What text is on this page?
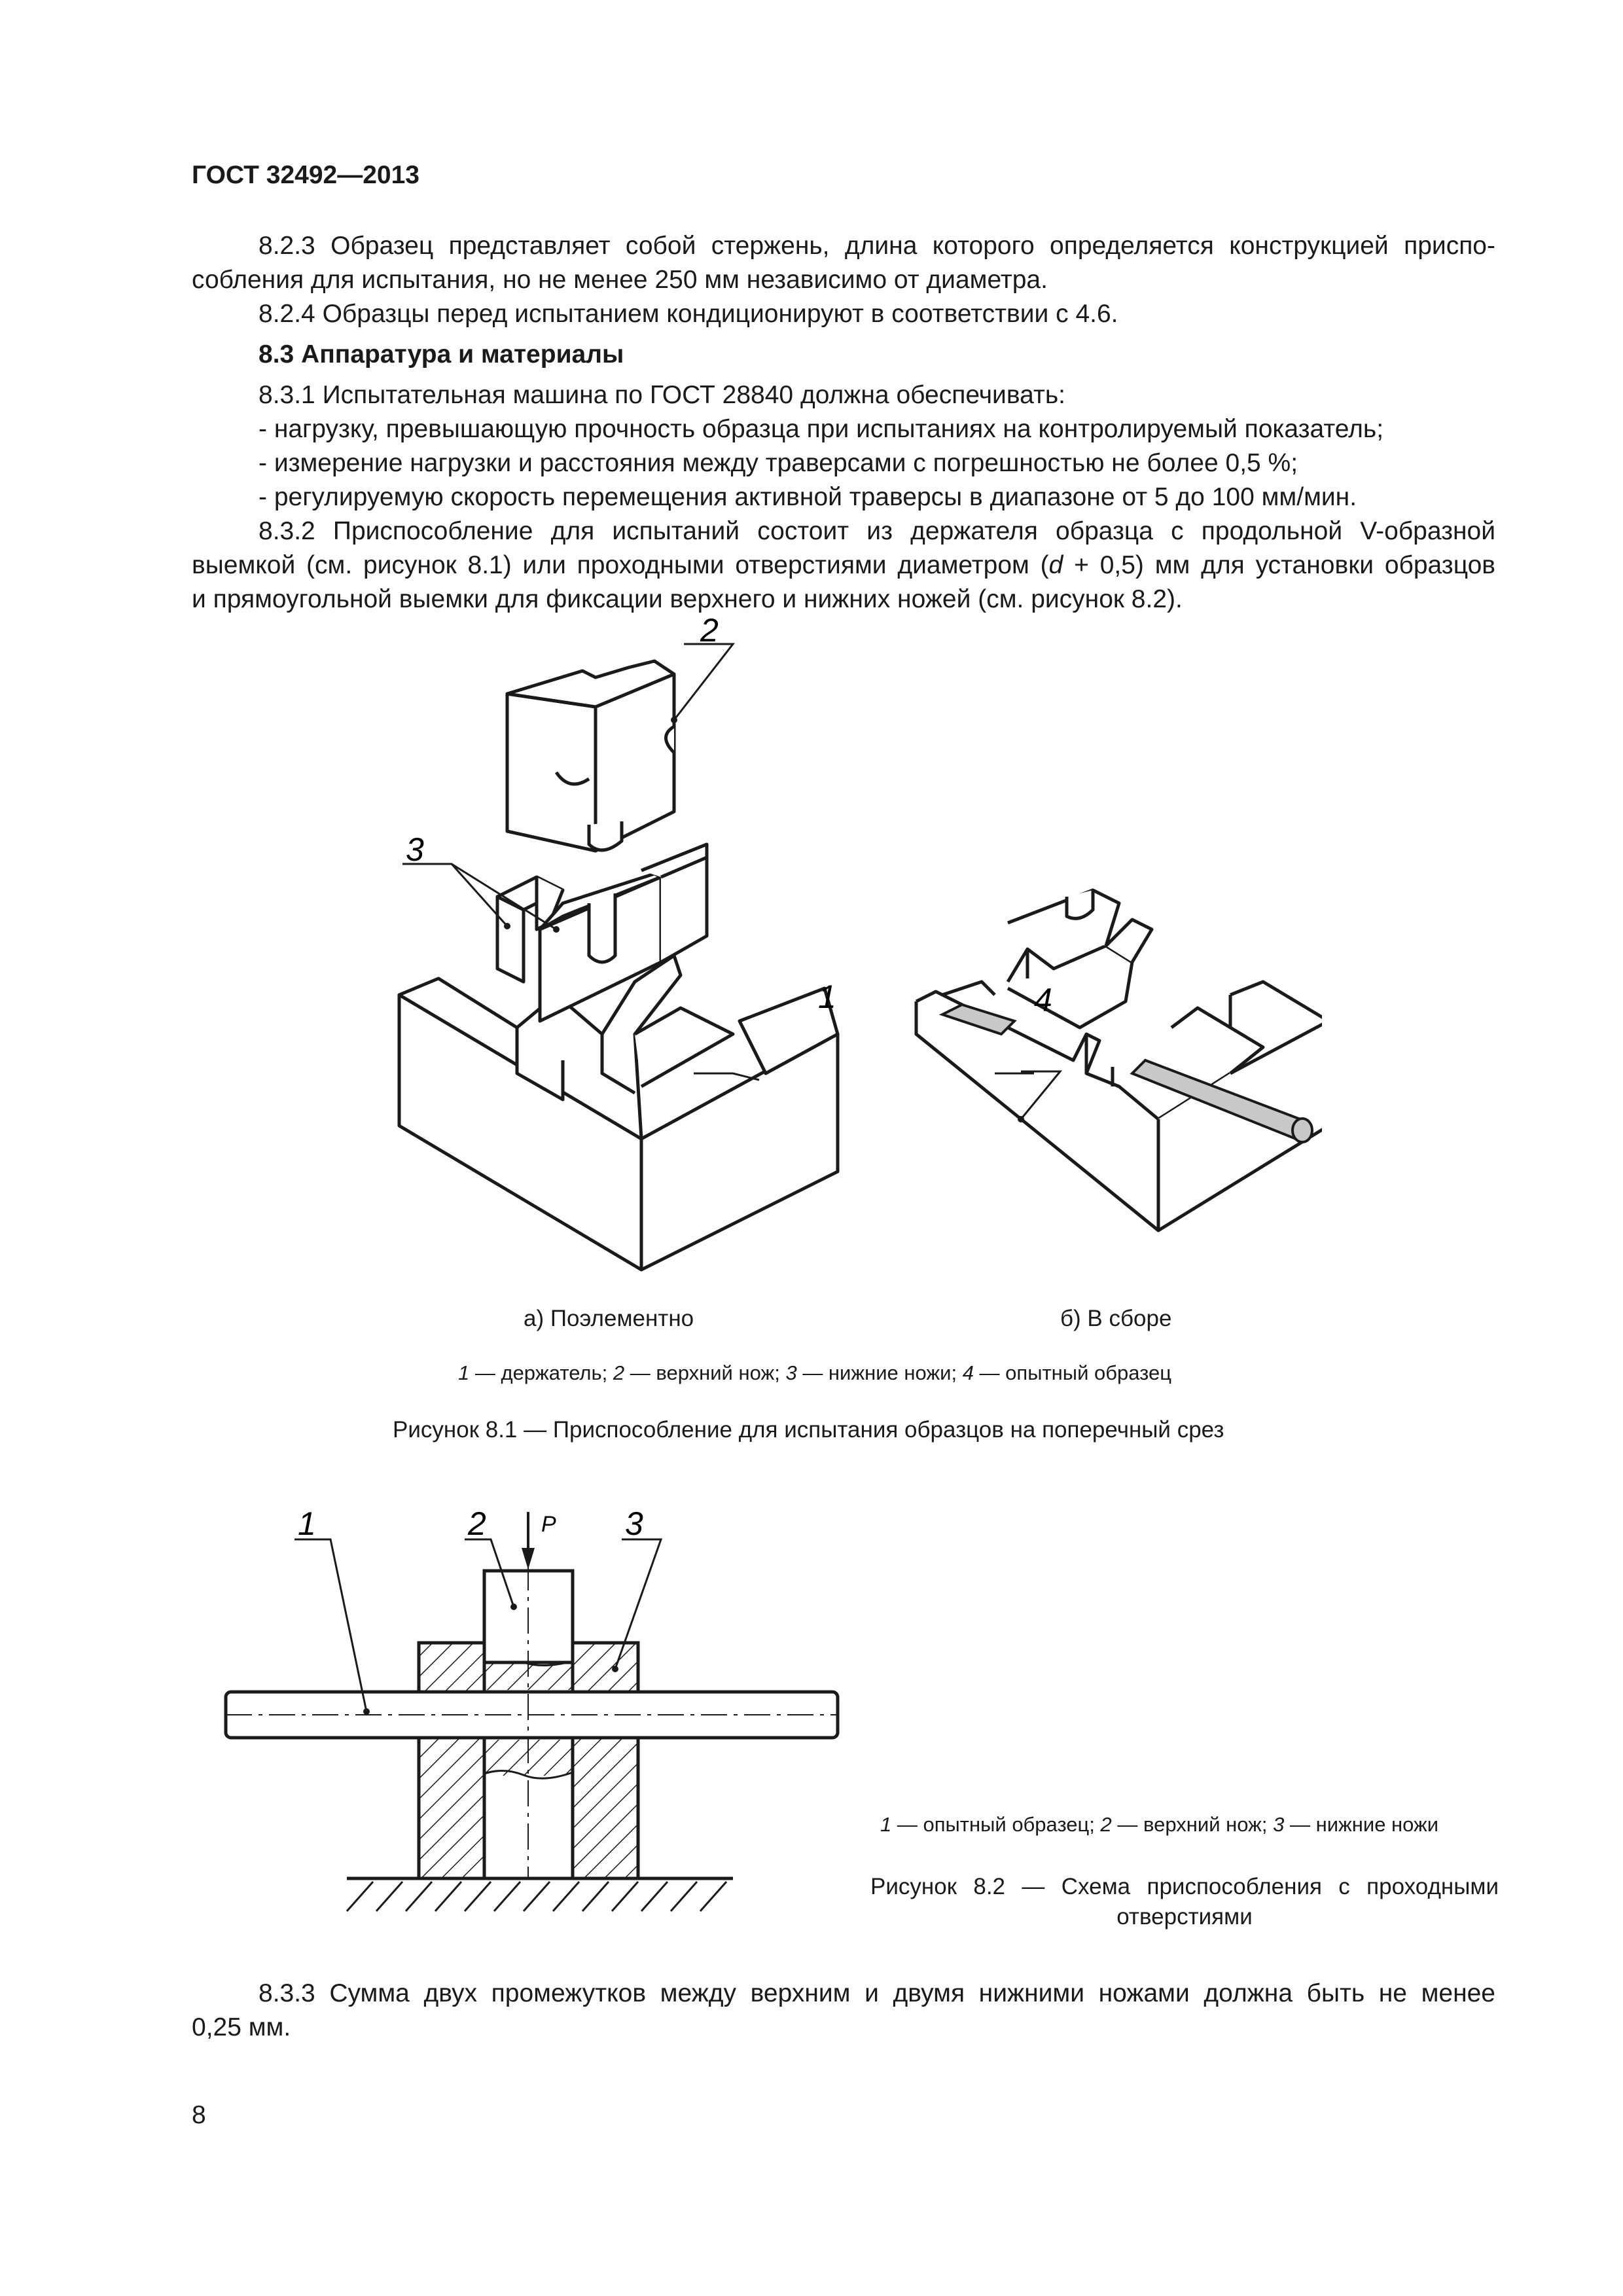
ГОСТ 32492—2013

8.2.3 Образец представляет собой стержень, длина которого определяется конструкцией приспо-

собления для испытания, но не менее 250 мм независимо от диаметра.

8.2.4 Образцы перед испытанием кондиционируют в соответствии с 4.6.

8.3 Аппаратура и материалы

8.3.1 Испытательная машина по ГОСТ 28840 должна обеспечивать:

- нагрузку, превышающую прочность образца при испытаниях на контролируемый показатель;

- измерение нагрузки и расстояния между траверсами с погрешностью не более 0,5 %;

- регулируемую скорость перемещения активной траверсы в диапазоне от 5 до 100 мм/мин.

8.3.2 Приспособление для испытаний состоит из держателя образца с продольной V-образной

выемкой (см. рисунок 8.1) или проходными отверстиями диаметром (d + 0,5) мм для установки образцов

и прямоугольной выемки для фиксации верхнего и нижних ножей (см. рисунок 8.2).

2
3
1	4
а) Поэлементно	б) В сборе
1 — держатель; 2 — верхний нож; 3 — нижние ножи; 4 — опытный образец
Рисунок 8.1 — Приспособление для испытания образцов на поперечный срез
1	2	3
P
1 — опытный образец; 2 — верхний нож; 3 — нижние ножи
Рисунок 8.2 — Схема приспособления с проходными
отверстиями

8.3.3 Сумма двух промежутков между верхним и двумя нижними ножами должна быть не менее

0,25 мм.

8
